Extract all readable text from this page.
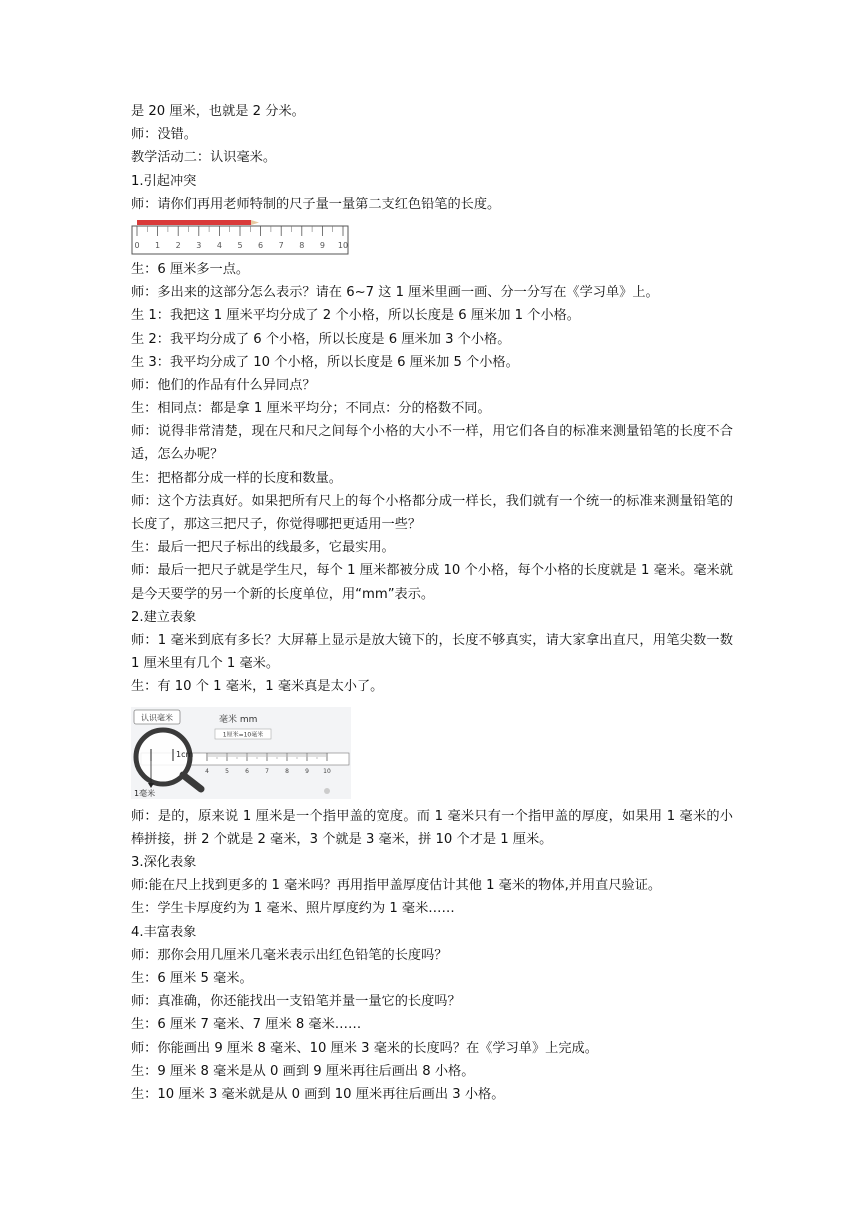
是 20 厘米，也就是 2 分米。
师：没错。
教学活动二：认识毫米。
1.引起冲突
师：请你们再用老师特制的尺子量一量第二支红色铅笔的长度。
0 1 2 3 4 5 6 7 8 9 10
生：6 厘米多一点。
师：多出来的这部分怎么表示？请在 6~7 这 1 厘米里画一画、分一分写在《学习单》上。
生 1：我把这 1 厘米平均分成了 2 个小格，所以长度是 6 厘米加 1 个小格。
生 2：我平均分成了 6 个小格，所以长度是 6 厘米加 3 个小格。
生 3：我平均分成了 10 个小格，所以长度是 6 厘米加 5 个小格。
师：他们的作品有什么异同点？
生：相同点：都是拿 1 厘米平均分；不同点：分的格数不同。
师：说得非常清楚，现在尺和尺之间每个小格的大小不一样，用它们各自的标准来测量铅笔的长度不合适，怎么办呢？
生：把格都分成一样的长度和数量。
师：这个方法真好。如果把所有尺上的每个小格都分成一样长，我们就有一个统一的标准来测量铅笔的长度了，那这三把尺子，你觉得哪把更适用一些？
生：最后一把尺子标出的线最多，它最实用。
师：最后一把尺子就是学生尺，每个 1 厘米都被分成 10 个小格，每个小格的长度就是 1 毫米。毫米就是今天要学的另一个新的长度单位，用“mm”表示。
2.建立表象
师：1 毫米到底有多长？大屏幕上显示是放大镜下的，长度不够真实，请大家拿出直尺，用笔尖数一数 1 厘米里有几个 1 毫米。
生：有 10 个 1 毫米，1 毫米真是太小了。
认识毫米	毫米 mm
1厘米=10毫米
4	5	6	7	8	9 10
1cm
1毫米
师：是的，原来说 1 厘米是一个指甲盖的宽度。而 1 毫米只有一个指甲盖的厚度，如果用 1 毫米的小棒拼接，拼 2 个就是 2 毫米，3 个就是 3 毫米，拼 10 个才是 1 厘米。
3.深化表象
师:能在尺上找到更多的 1 毫米吗？再用指甲盖厚度估计其他 1 毫米的物体,并用直尺验证。
生：学生卡厚度约为 1 毫米、照片厚度约为 1 毫米……
4.丰富表象
师：那你会用几厘米几毫米表示出红色铅笔的长度吗？
生：6 厘米 5 毫米。
师：真准确，你还能找出一支铅笔并量一量它的长度吗？
生：6 厘米 7 毫米、7 厘米 8 毫米……
师：你能画出 9 厘米 8 毫米、10 厘米 3 毫米的长度吗？在《学习单》上完成。
生：9 厘米 8 毫米是从 0 画到 9 厘米再往后画出 8 小格。
生：10 厘米 3 毫米就是从 0 画到 10 厘米再往后画出 3 小格。
